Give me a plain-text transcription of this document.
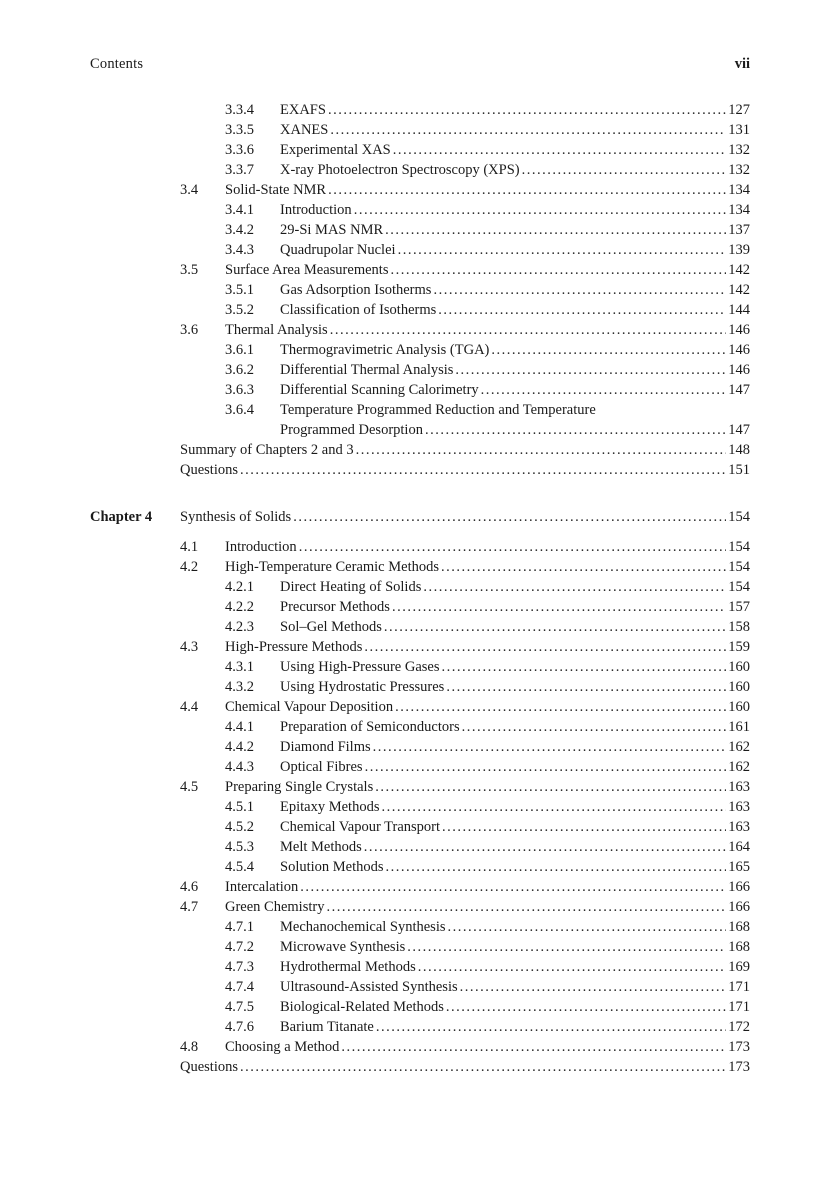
Contents	vii
3.3.4 EXAFS .....	127
3.3.5 XANES .....	131
3.3.6 Experimental XAS .....	132
3.3.7 X-ray Photoelectron Spectroscopy (XPS) .....	132
3.4 Solid-State NMR .....	134
3.4.1 Introduction .....	134
3.4.2 29-Si MAS NMR .....	137
3.4.3 Quadrupolar Nuclei .....	139
3.5 Surface Area Measurements .....	142
3.5.1 Gas Adsorption Isotherms .....	142
3.5.2 Classification of Isotherms .....	144
3.6 Thermal Analysis .....	146
3.6.1 Thermogravimetric Analysis (TGA) .....	146
3.6.2 Differential Thermal Analysis .....	146
3.6.3 Differential Scanning Calorimetry .....	147
3.6.4 Temperature Programmed Reduction and Temperature
Programmed Desorption .....	147
Summary of Chapters 2 and 3 .....	148
Questions .....	151
Chapter 4 Synthesis of Solids .....	154
4.1 Introduction .....	154
4.2 High-Temperature Ceramic Methods .....	154
4.2.1 Direct Heating of Solids .....	154
4.2.2 Precursor Methods .....	157
4.2.3 Sol–Gel Methods .....	158
4.3 High-Pressure Methods .....	159
4.3.1 Using High-Pressure Gases .....	160
4.3.2 Using Hydrostatic Pressures .....	160
4.4 Chemical Vapour Deposition .....	160
4.4.1 Preparation of Semiconductors .....	161
4.4.2 Diamond Films .....	162
4.4.3 Optical Fibres .....	162
4.5 Preparing Single Crystals .....	163
4.5.1 Epitaxy Methods .....	163
4.5.2 Chemical Vapour Transport .....	163
4.5.3 Melt Methods .....	164
4.5.4 Solution Methods .....	165
4.6 Intercalation .....	166
4.7 Green Chemistry .....	166
4.7.1 Mechanochemical Synthesis .....	168
4.7.2 Microwave Synthesis .....	168
4.7.3 Hydrothermal Methods .....	169
4.7.4 Ultrasound-Assisted Synthesis .....	171
4.7.5 Biological-Related Methods .....	171
4.7.6 Barium Titanate .....	172
4.8 Choosing a Method .....	173
Questions .....	173
